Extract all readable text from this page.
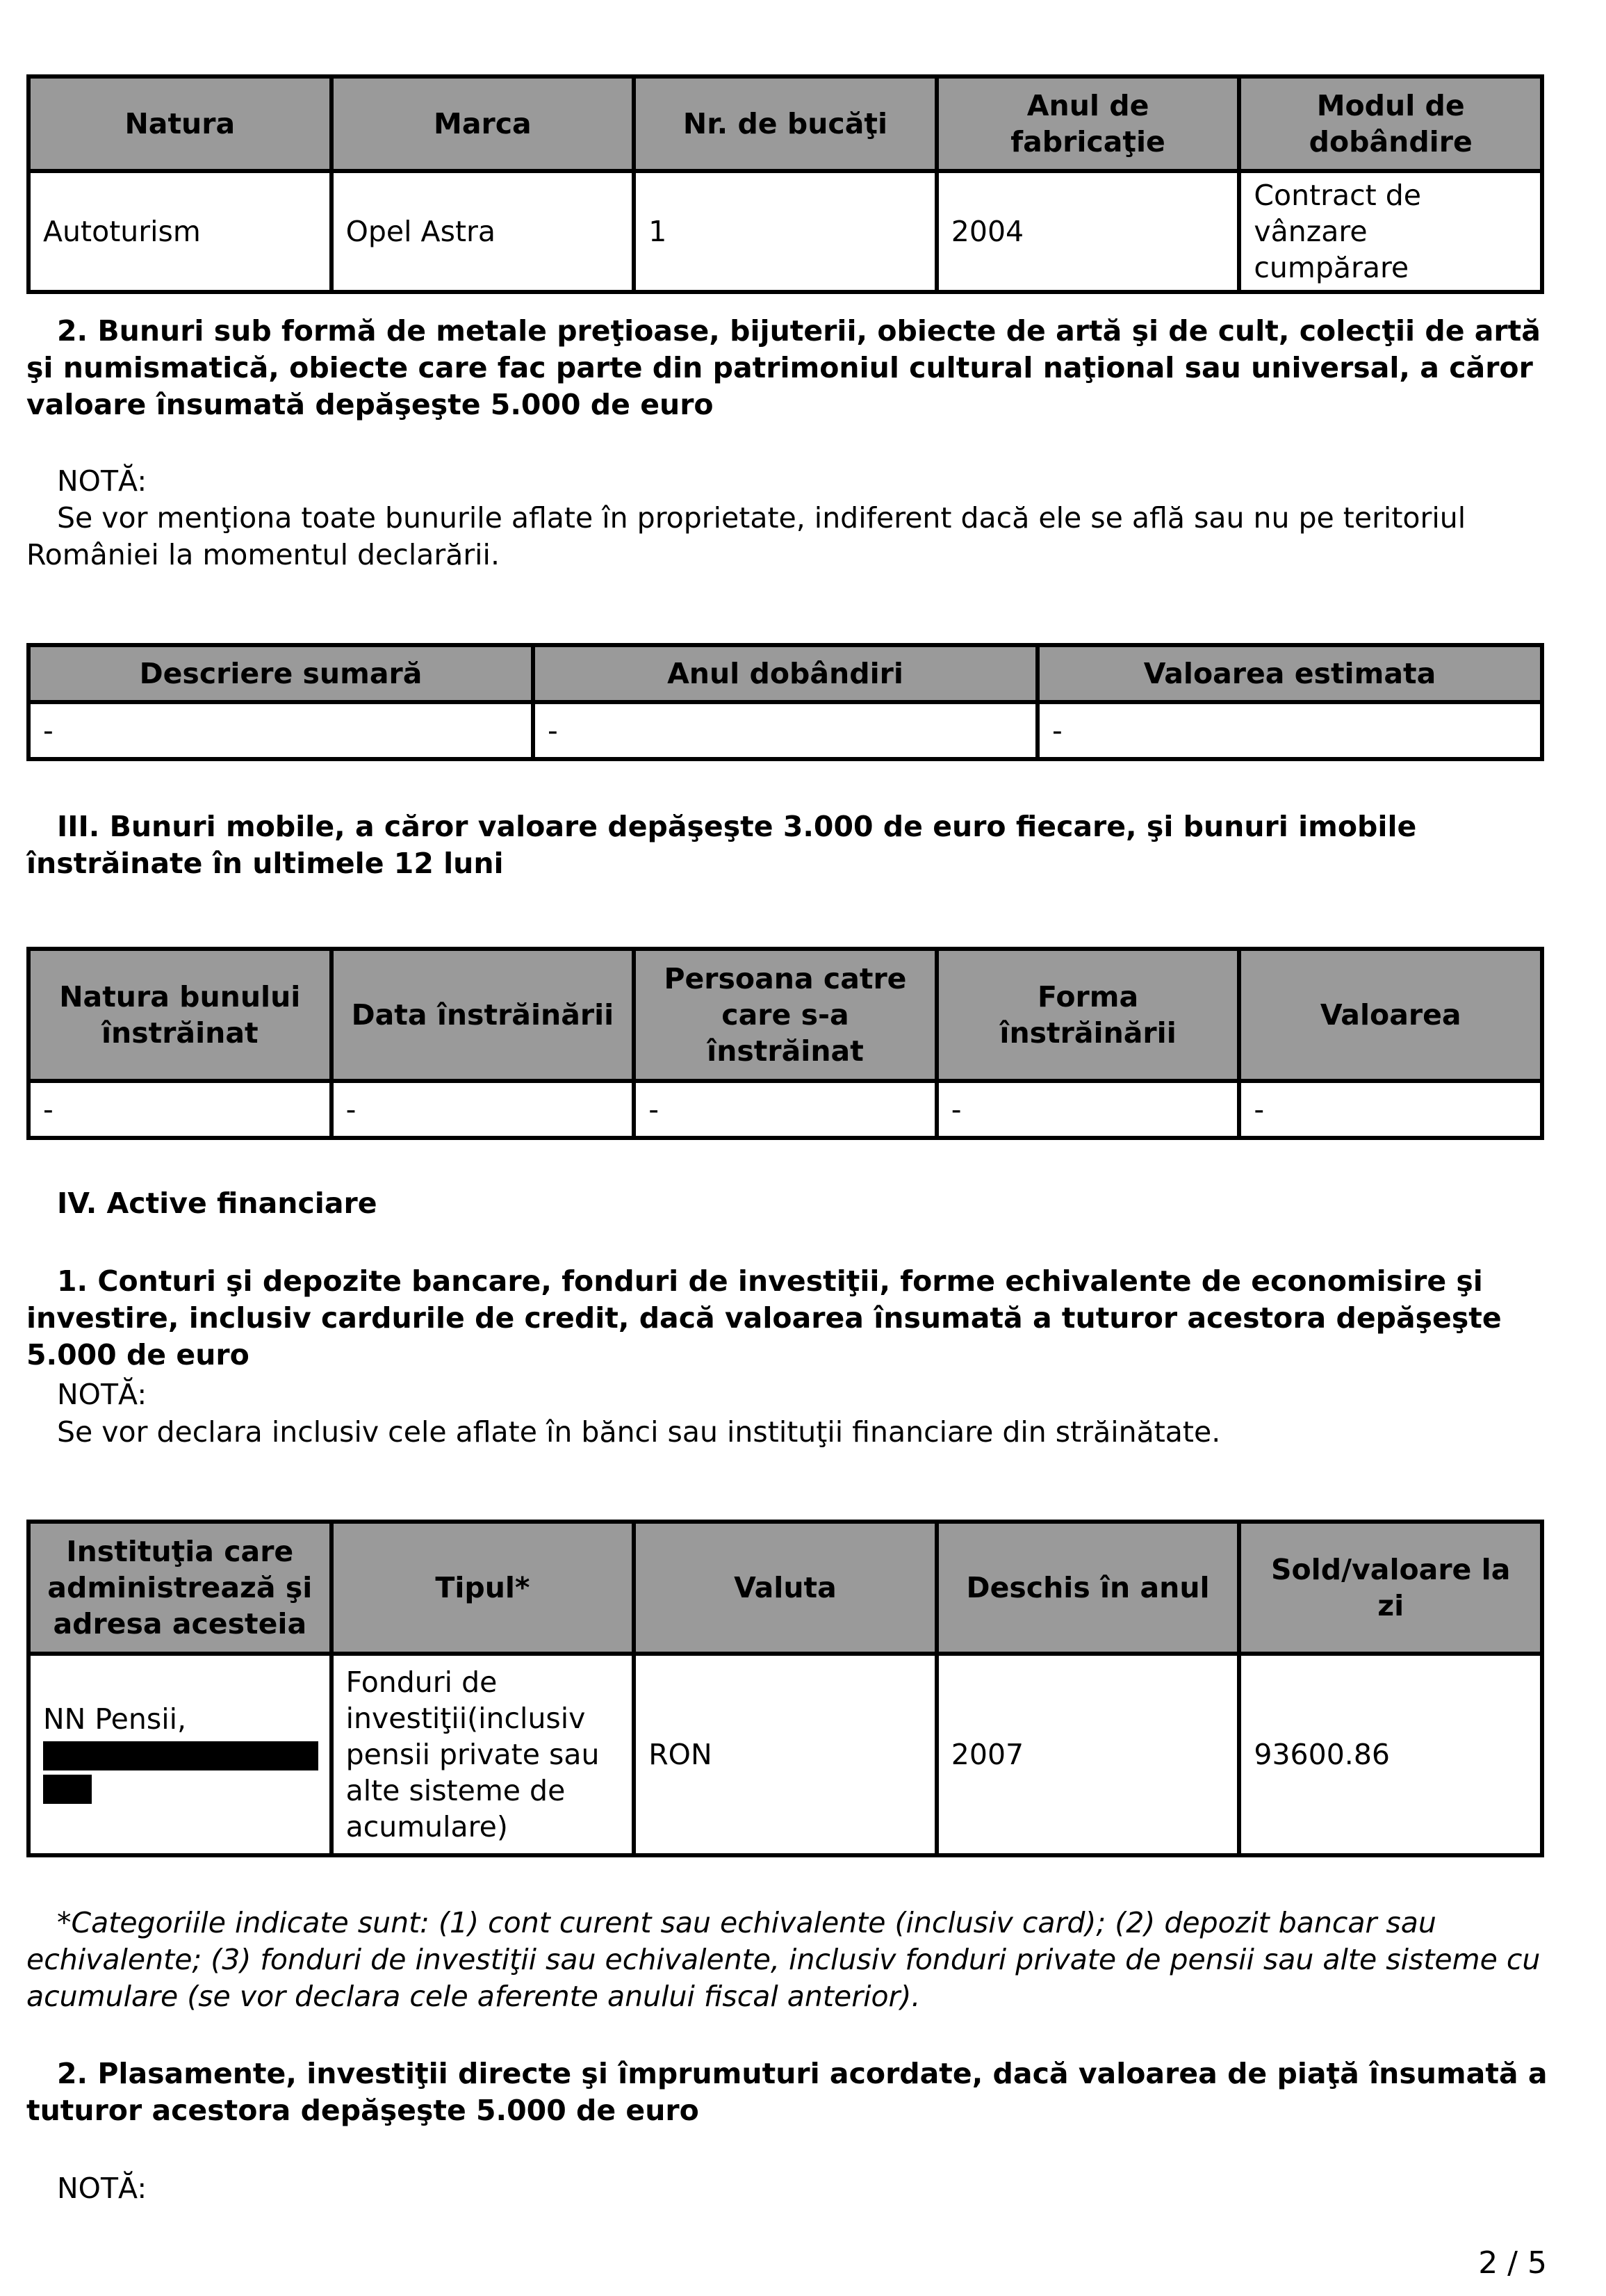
Natura	Marca	Nr. de bucăţi	Anul de fabricaţie	Modul de dobândire
Autoturism	Opel Astra	1	2004	Contract de vânzare cumpărare

2. Bunuri sub formă de metale preţioase, bijuterii, obiecte de artă şi de cult, colecţii de artă şi numismatică, obiecte care fac parte din patrimoniul cultural naţional sau universal, a căror valoare însumată depăşeşte 5.000 de euro

NOTĂ:

Se vor menţiona toate bunurile aflate în proprietate, indiferent dacă ele se află sau nu pe teritoriul României la momentul declarării.

Descriere sumară	Anul dobândiri	Valoarea estimata
-	-	-

III. Bunuri mobile, a căror valoare depăşeşte 3.000 de euro fiecare, şi bunuri imobile înstrăinate în ultimele 12 luni

Natura bunului înstrăinat	Data înstrăinării	Persoana catre care s-a înstrăinat	Forma înstrăinării	Valoarea
-	-	-	-	-

IV. Active financiare

1. Conturi şi depozite bancare, fonduri de investiţii, forme echivalente de economisire şi investire, inclusiv cardurile de credit, dacă valoarea însumată a tuturor acestora depăşeşte 5.000 de euro

NOTĂ:

Se vor declara inclusiv cele aflate în bănci sau instituţii financiare din străinătate.

Instituţia care administrează şi adresa acesteia	Tipul*	Valuta	Deschis în anul	Sold/valoare la zi
NN Pensii,	Fonduri de investiţii(inclusiv pensii private sau alte sisteme de acumulare)	RON	2007	93600.86

*Categoriile indicate sunt: (1) cont curent sau echivalente (inclusiv card); (2) depozit bancar sau echivalente; (3) fonduri de investiţii sau echivalente, inclusiv fonduri private de pensii sau alte sisteme cu acumulare (se vor declara cele aferente anului fiscal anterior).

2. Plasamente, investiţii directe şi împrumuturi acordate, dacă valoarea de piaţă însumată a tuturor acestora depăşeşte 5.000 de euro

NOTĂ:

2 / 5
